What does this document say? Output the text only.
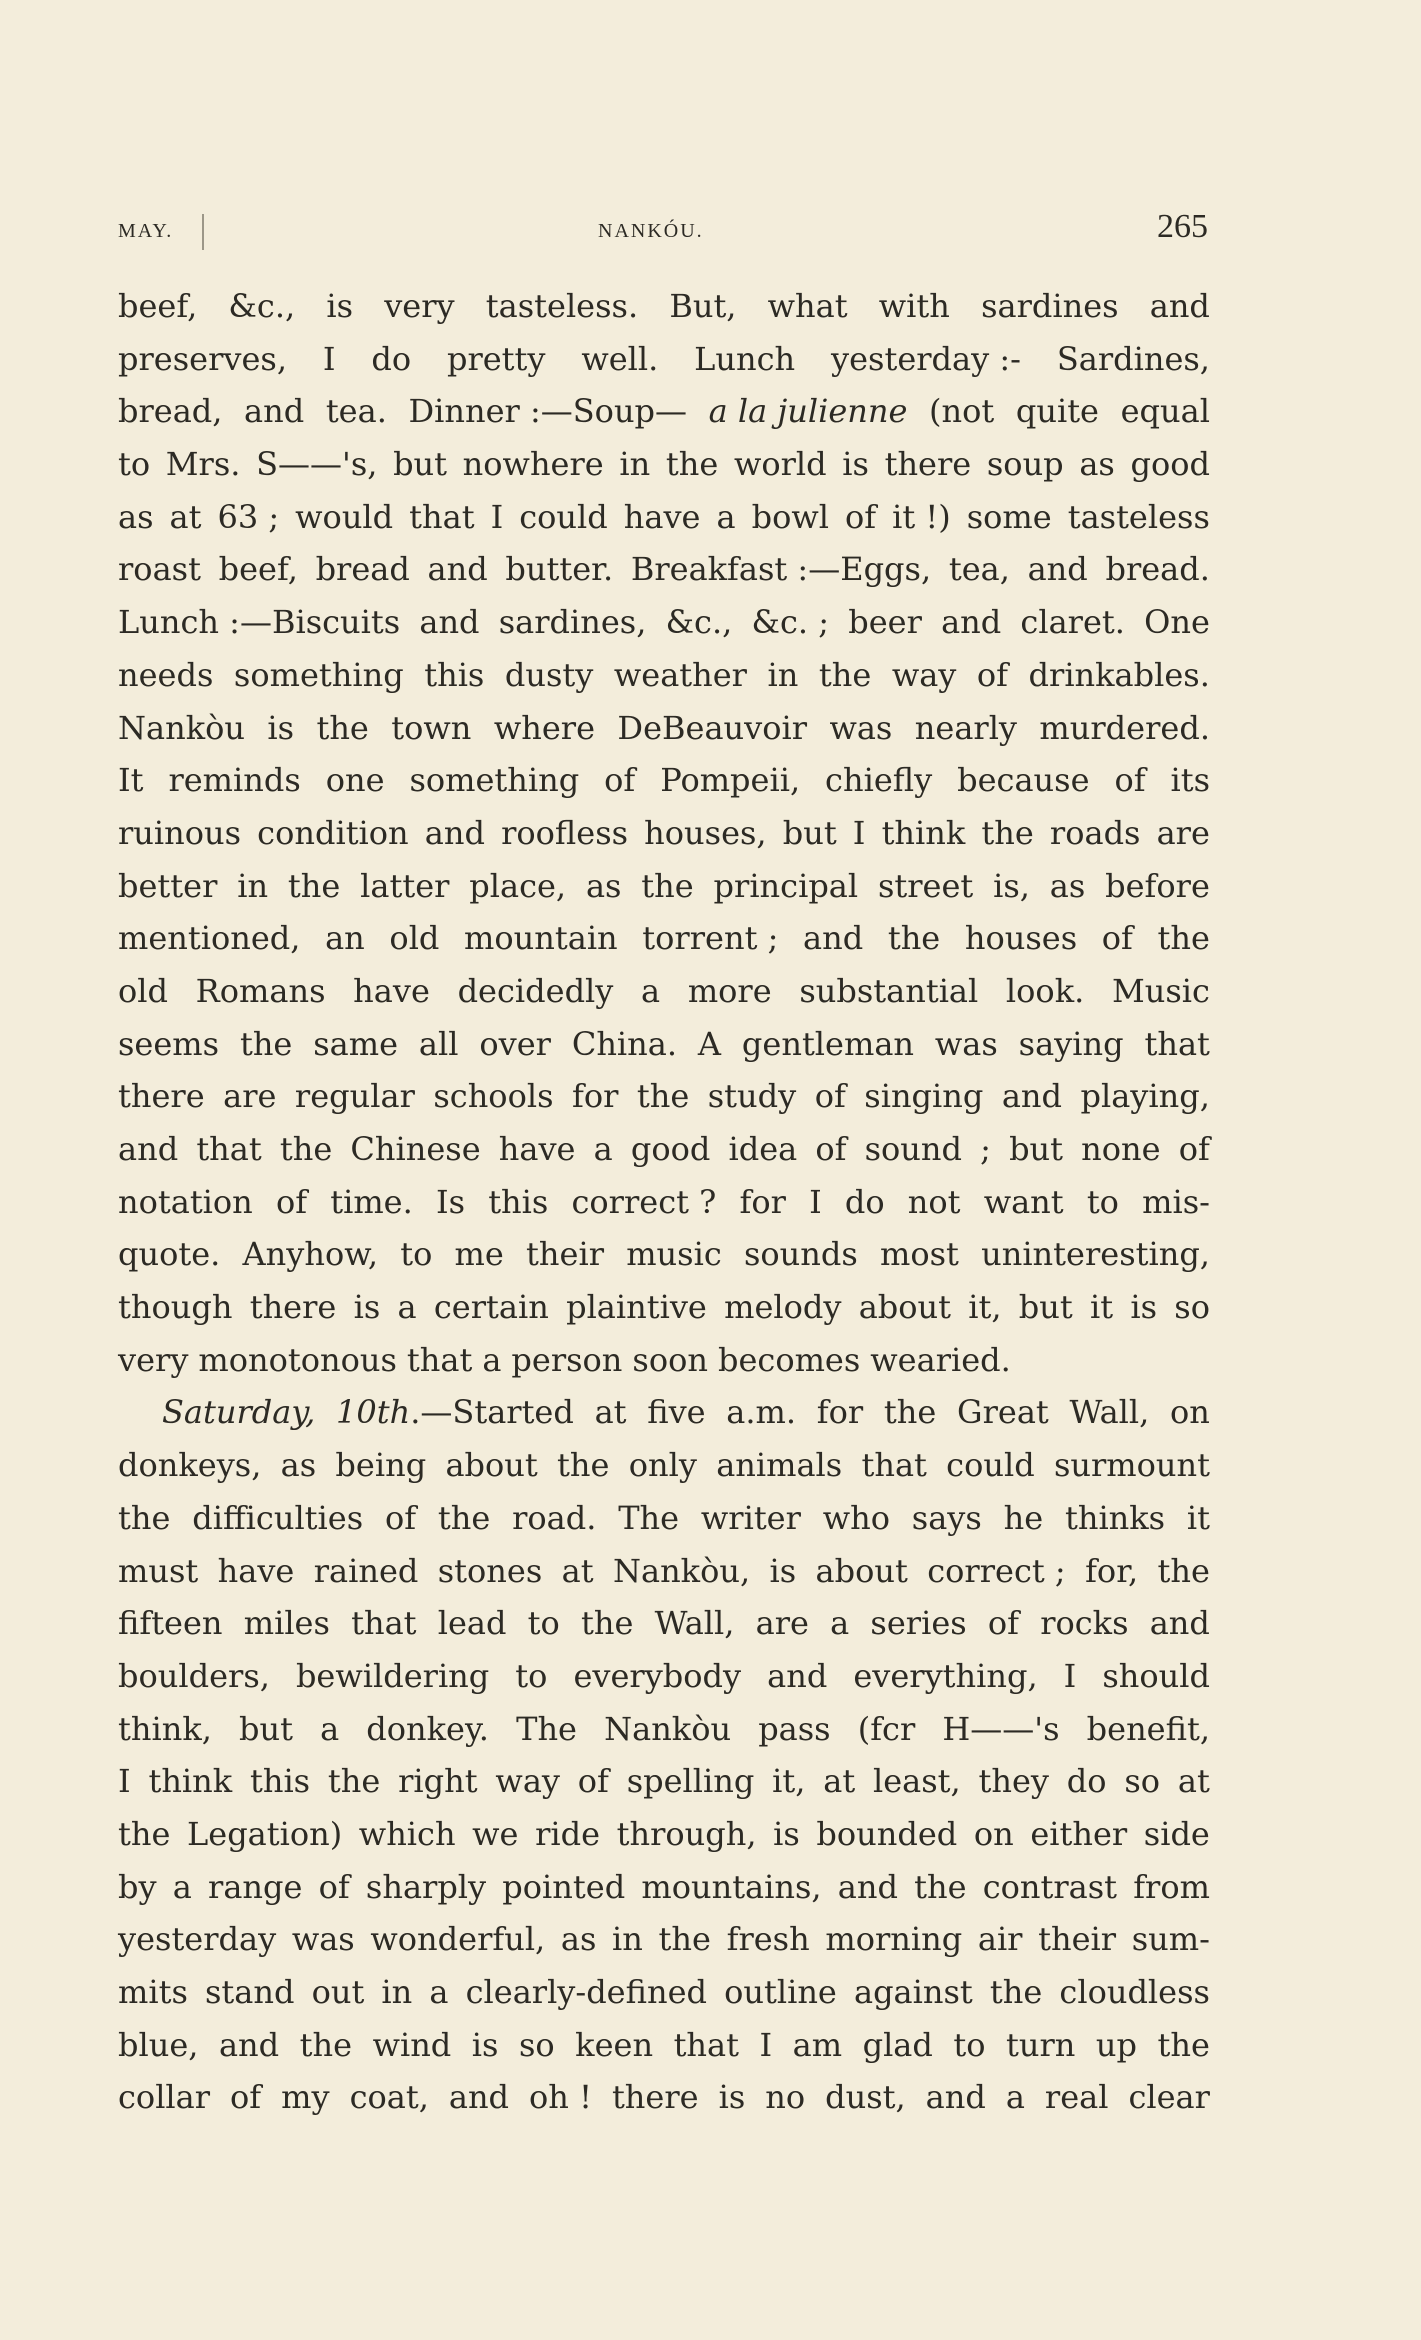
MAY.	NANKÓU.	265
beef, &c., is very tasteless. But, what with sardines and
preserves, I do pretty well. Lunch yesterday :- Sardines,
bread, and tea. Dinner :—Soup— a la julienne (not quite equal
to Mrs. S——'s, but nowhere in the world is there soup as good
as at 63 ; would that I could have a bowl of it !) some tasteless
roast beef, bread and butter. Breakfast :—Eggs, tea, and bread.
Lunch :—Biscuits and sardines, &c., &c. ; beer and claret. One
needs something this dusty weather in the way of drinkables.
Nankòu is the town where DeBeauvoir was nearly murdered.
It reminds one something of Pompeii, chiefly because of its
ruinous condition and roofless houses, but I think the roads are
better in the latter place, as the principal street is, as before
mentioned, an old mountain torrent ; and the houses of the
old Romans have decidedly a more substantial look. Music
seems the same all over China. A gentleman was saying that
there are regular schools for the study of singing and playing,
and that the Chinese have a good idea of sound ; but none of
notation of time. Is this correct ? for I do not want to mis-
quote. Anyhow, to me their music sounds most uninteresting,
though there is a certain plaintive melody about it, but it is so
very monotonous that a person soon becomes wearied.
Saturday, 10th.—Started at five a.m. for the Great Wall, on
donkeys, as being about the only animals that could surmount
the difficulties of the road. The writer who says he thinks it
must have rained stones at Nankòu, is about correct ; for, the
fifteen miles that lead to the Wall, are a series of rocks and
boulders, bewildering to everybody and everything, I should
think, but a donkey. The Nankòu pass (fcr H——'s benefit,
I think this the right way of spelling it, at least, they do so at
the Legation) which we ride through, is bounded on either side
by a range of sharply pointed mountains, and the contrast from
yesterday was wonderful, as in the fresh morning air their sum-
mits stand out in a clearly-defined outline against the cloudless
blue, and the wind is so keen that I am glad to turn up the
collar of my coat, and oh ! there is no dust, and a real clear
